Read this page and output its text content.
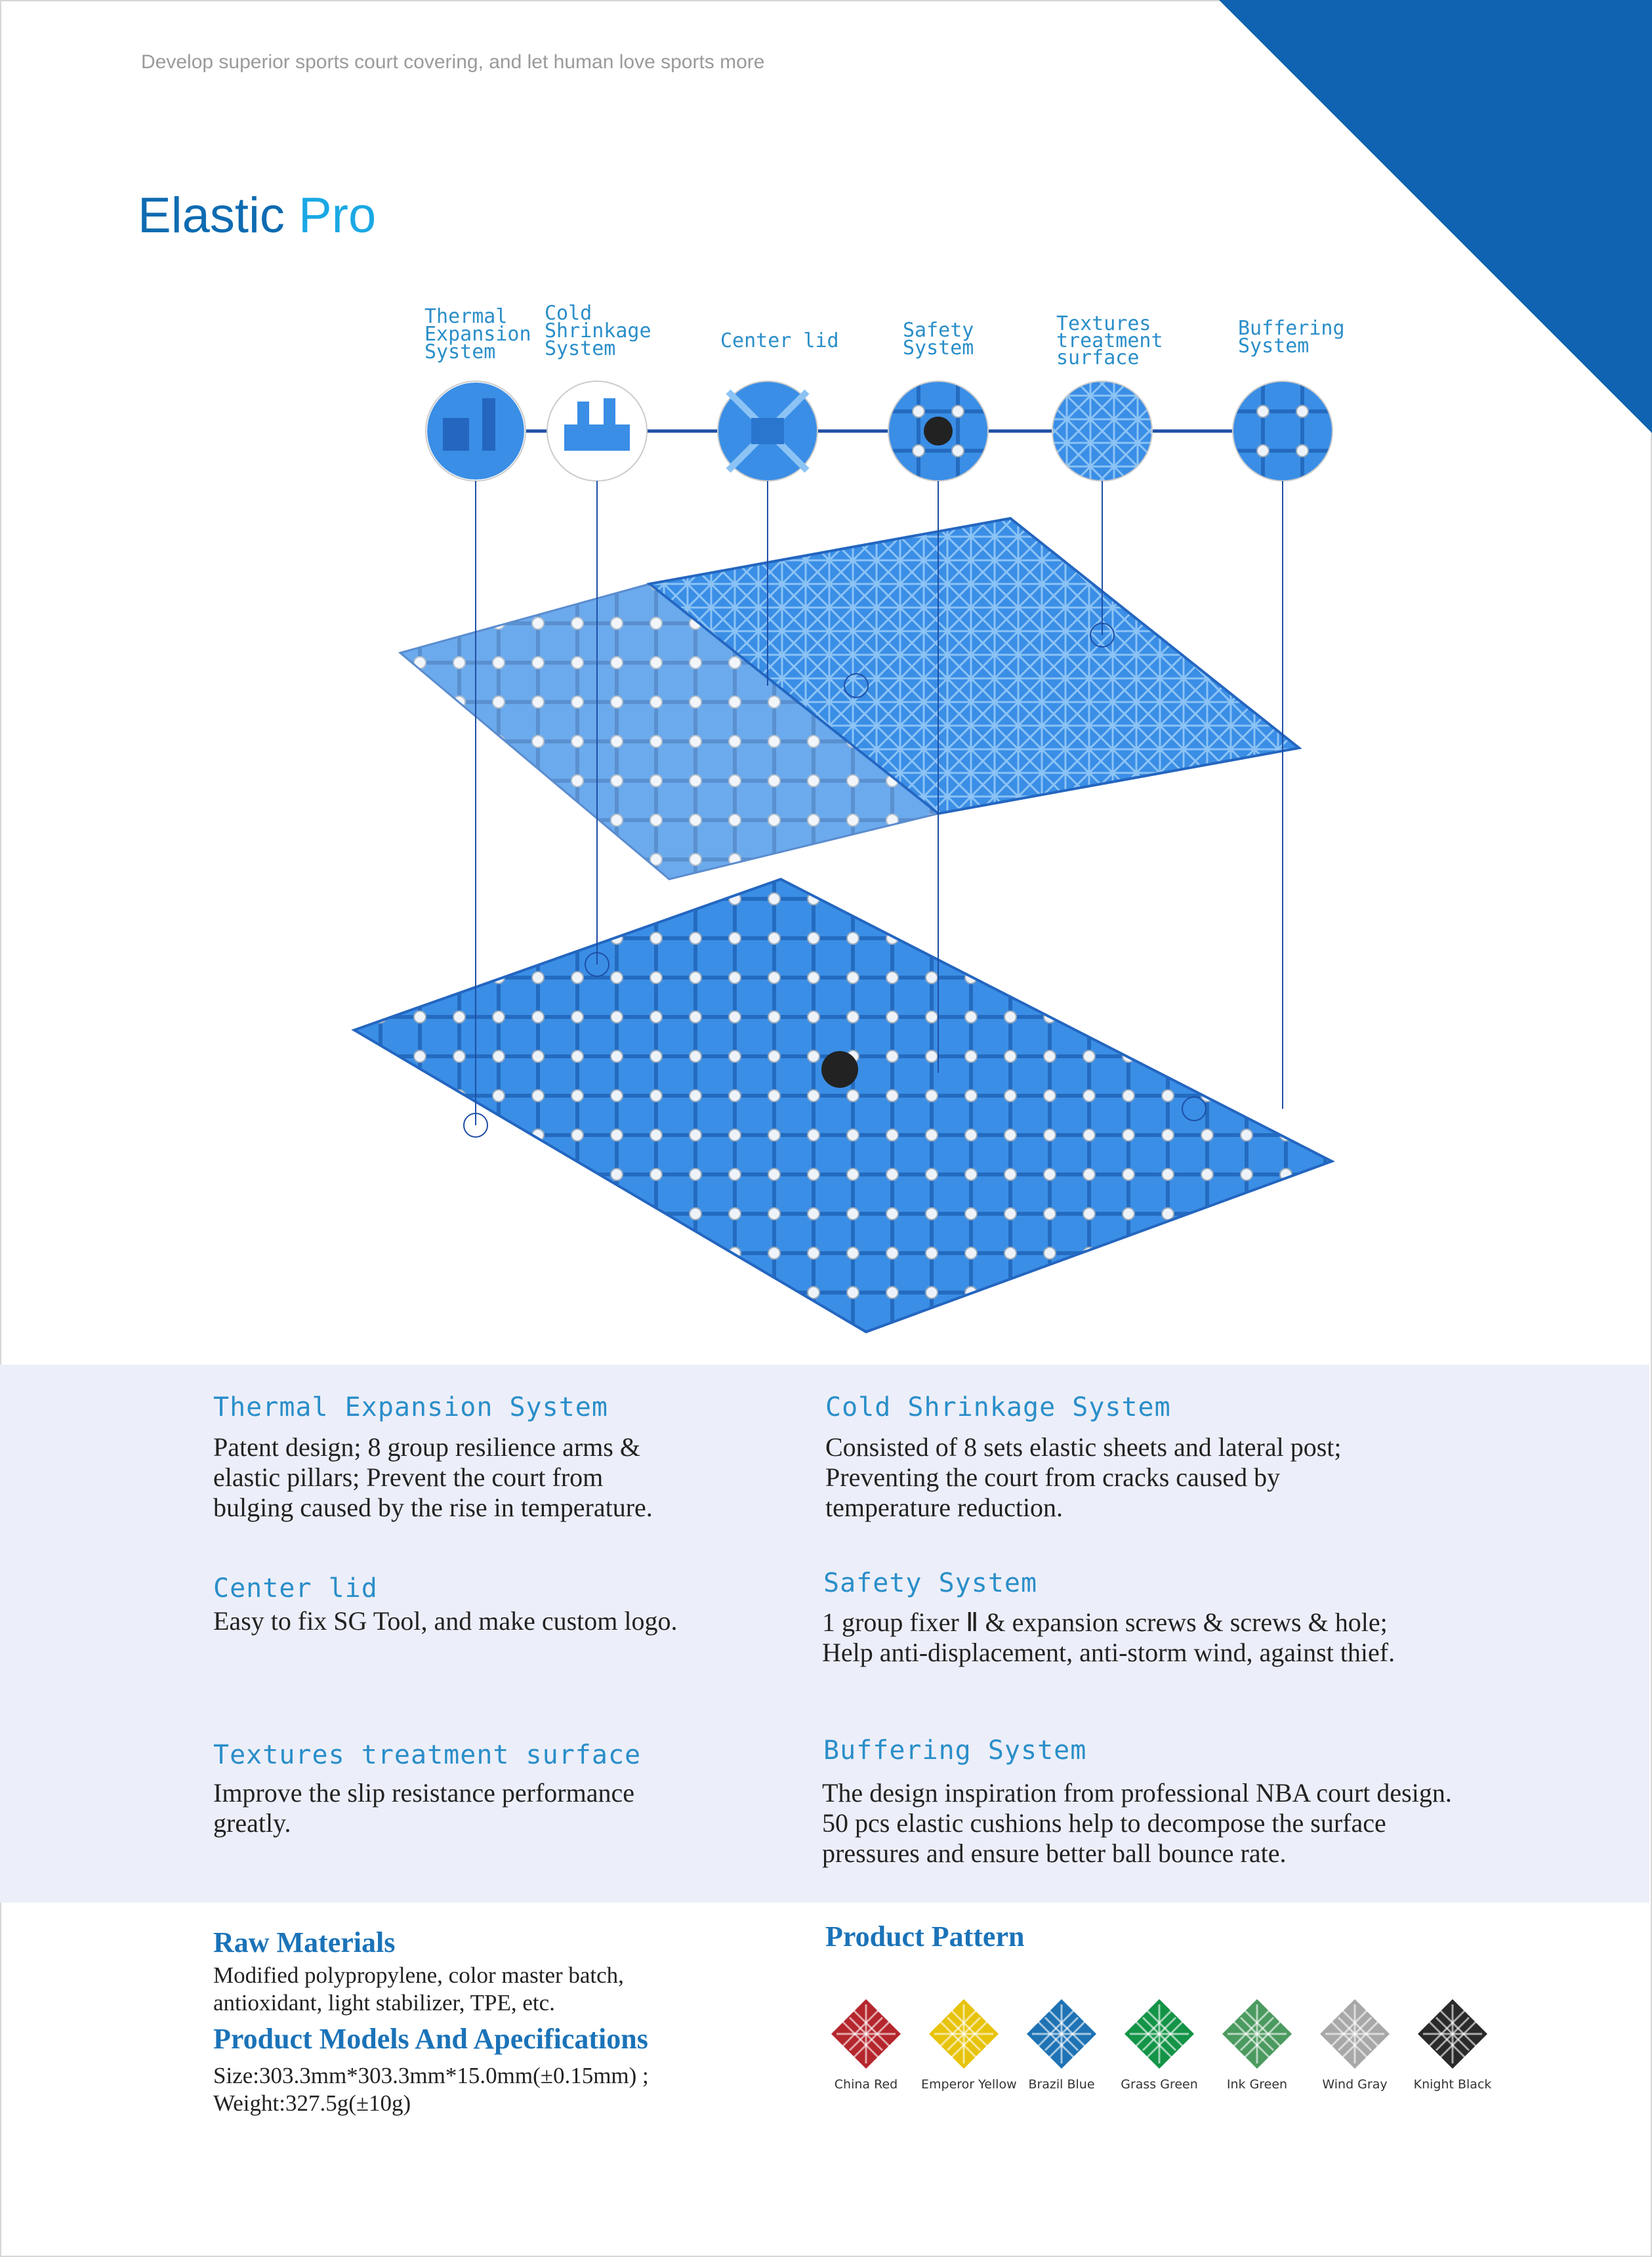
Develop superior sports court covering, and let human love sports more
Elastic Pro
Thermal
Expansion
System
Cold
Shrinkage
System	Center lid	Safety
System
Textures
treatment
surface
Buffering
System
Thermal Expansion System
Patent design; 8 group resilience arms &
elastic pillars; Prevent the court from
bulging caused by the rise in temperature.
Cold Shrinkage System
Consisted of 8 sets elastic sheets and lateral post;
Preventing the court from cracks caused by
temperature reduction.
Center lid
Easy to fix SG Tool, and make custom logo.
Safety System
1 group fixer Ⅱ & expansion screws & screws & hole;
Help anti-displacement, anti-storm wind, against thief.
Textures treatment surface
Improve the slip resistance performance
greatly.
Buffering System
The design inspiration from professional NBA court design.
50 pcs elastic cushions help to decompose the surface
pressures and ensure better ball bounce rate.
Raw Materials
Modified polypropylene, color master batch,
antioxidant, light stabilizer, TPE, etc.
Product Models And Apecifications
Size:303.3mm*303.3mm*15.0mm(±0.15mm) ;
Weight:327.5g(±10g)
Product Pattern
China Red	Emperor Yellow Brazil Blue	Grass Green	Ink Green	Wind Gray	Knight Black
